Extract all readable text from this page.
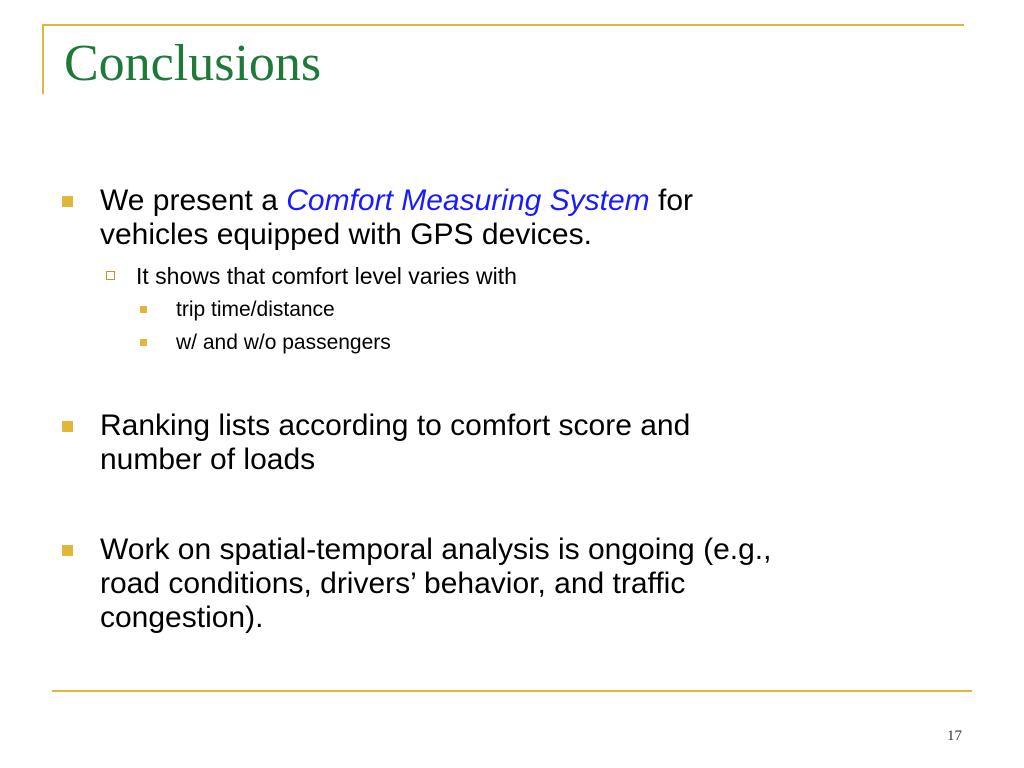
Conclusions
We present a Comfort Measuring System for
vehicles equipped with GPS devices.
It shows that comfort level varies with
trip time/distance
w/ and w/o passengers
Ranking lists according to comfort score and
number of loads
Work on spatial-temporal analysis is ongoing (e.g.,
road conditions, drivers’ behavior, and traffic
congestion).
17
